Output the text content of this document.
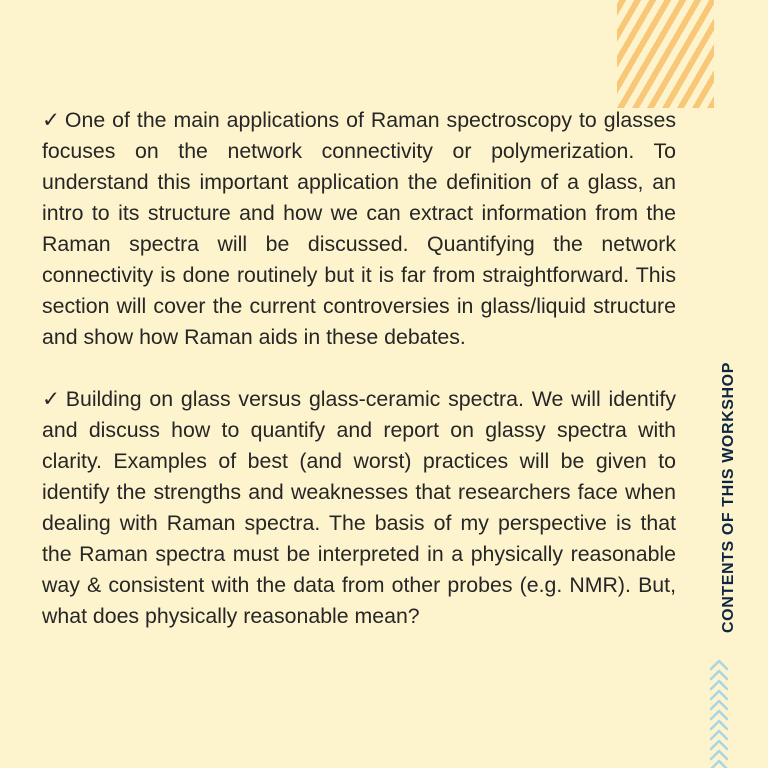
✓ One of the main applications of Raman spectroscopy to glasses focuses on the network connectivity or polymerization. To understand this important application the definition of a glass, an intro to its structure and how we can extract information from the Raman spectra will be discussed. Quantifying the network connectivity is done routinely but it is far from straightforward. This section will cover the current controversies in glass/liquid structure and show how Raman aids in these debates.

✓ Building on glass versus glass-ceramic spectra. We will identify and discuss how to quantify and report on glassy spectra with clarity. Examples of best (and worst) practices will be given to identify the strengths and weaknesses that researchers face when dealing with Raman spectra. The basis of my perspective is that the Raman spectra must be interpreted in a physically reasonable way & consistent with the data from other probes (e.g. NMR). But, what does physically reasonable mean?	CONTENTS OF THIS WORKSHOP
